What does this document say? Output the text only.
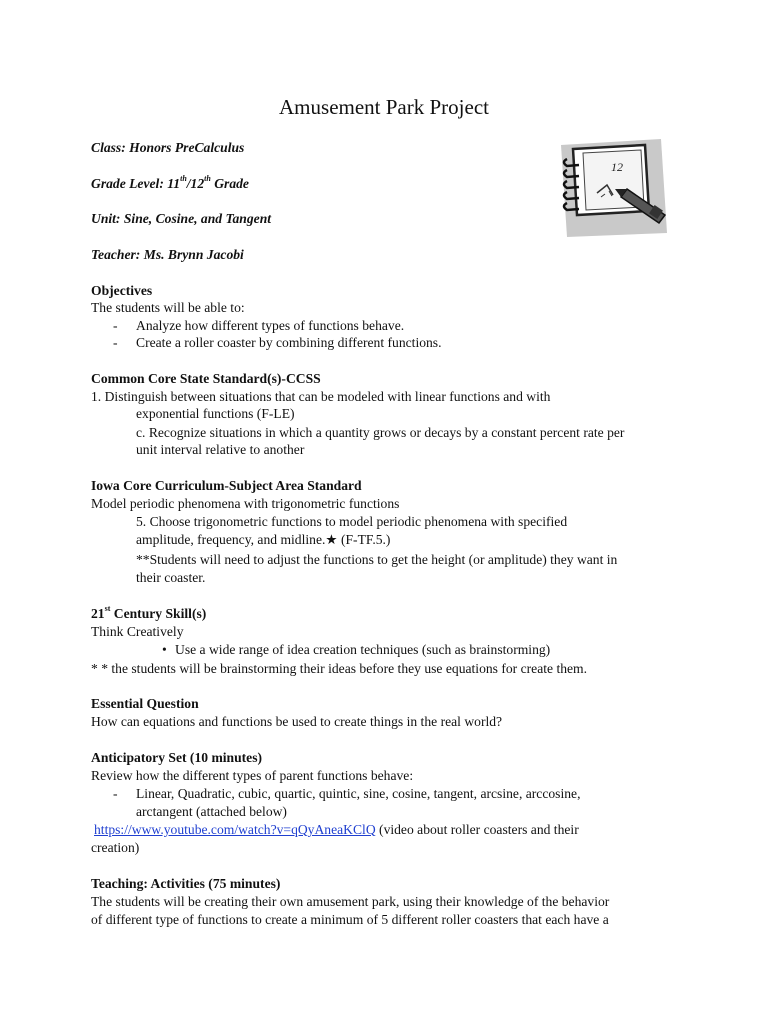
Amusement Park Project
Class: Honors PreCalculus
Grade Level: 11th/12th Grade
Unit: Sine, Cosine, and Tangent
Teacher: Ms. Brynn Jacobi
12
Objectives
The students will be able to:
- Analyze how different types of functions behave.
- Create a roller coaster by combining different functions.
Common Core State Standard(s)-CCSS
1. Distinguish between situations that can be modeled with linear functions and with
exponential functions (F-LE)
c. Recognize situations in which a quantity grows or decays by a constant percent rate per
unit interval relative to another
Iowa Core Curriculum-Subject Area Standard
Model periodic phenomena with trigonometric functions
5. Choose trigonometric functions to model periodic phenomena with specified
amplitude, frequency, and midline.★ (F-TF.5.)
**Students will need to adjust the functions to get the height (or amplitude) they want in
their coaster.
21st Century Skill(s)
Think Creatively
• Use a wide range of idea creation techniques (such as brainstorming)
* * the students will be brainstorming their ideas before they use equations for create them.
Essential Question
How can equations and functions be used to create things in the real world?
Anticipatory Set (10 minutes)
Review how the different types of parent functions behave:
- Linear, Quadratic, cubic, quartic, quintic, sine, cosine, tangent, arcsine, arccosine,
arctangent (attached below)
https://www.youtube.com/watch?v=qQyAneaKClQ (video about roller coasters and their
creation)
Teaching: Activities (75 minutes)
The students will be creating their own amusement park, using their knowledge of the behavior
of different type of functions to create a minimum of 5 different roller coasters that each have a
